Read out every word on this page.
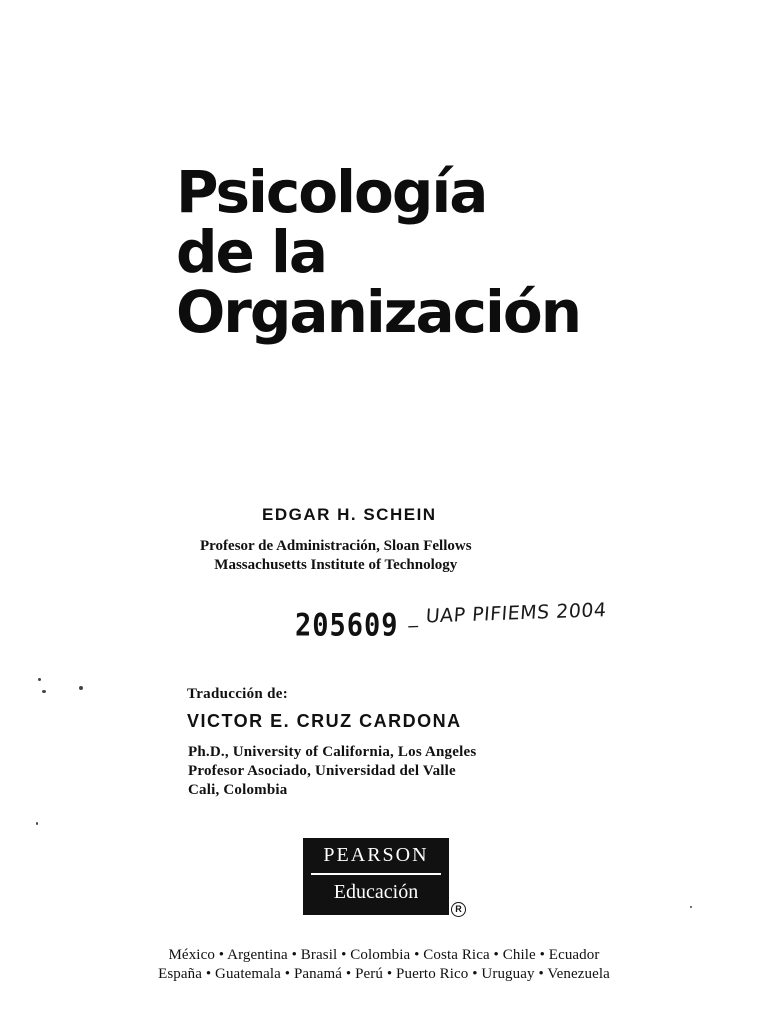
Psicología
de la
Organización
EDGAR H. SCHEIN
Profesor de Administración, Sloan Fellows
Massachusetts Institute of Technology
205609 _ UAP PIFIEMS 2004
Traducción de:
VICTOR E. CRUZ CARDONA
Ph.D., University of California, Los Angeles
Profesor Asociado, Universidad del Valle
Cali, Colombia
PEARSON
Educación
R
México • Argentina • Brasil • Colombia • Costa Rica • Chile • Ecuador
España • Guatemala • Panamá • Perú • Puerto Rico • Uruguay • Venezuela
